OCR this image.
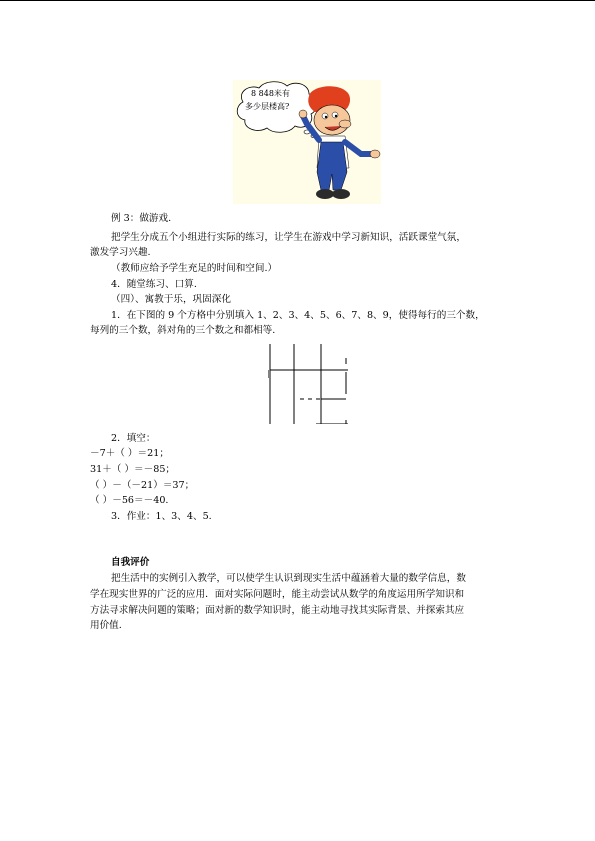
8 848米有
多少层楼高?
例 3：做游戏.
把学生分成五个小组进行实际的练习，让学生在游戏中学习新知识，活跃课堂气氛，
激发学习兴趣.
（教师应给予学生充足的时间和空间.）
4．随堂练习、口算.
（四）、寓教于乐，巩固深化
1．在下图的 9 个方格中分别填入 1、2、3、4、5、6、7、8、9，使得每行的三个数，
每列的三个数，斜对角的三个数之和都相等.
2．填空：
－7＋（ ）＝21；
31＋（ ）＝－85；
（ ）－（－21）＝37；
（ ）－56＝－40.
3．作业：1、3、4、5.
自我评价
把生活中的实例引入教学，可以使学生认识到现实生活中蕴涵着大量的数学信息，数
学在现实世界的广泛的应用．面对实际问题时，能主动尝试从数学的角度运用所学知识和
方法寻求解决问题的策略；面对新的数学知识时，能主动地寻找其实际背景、并探索其应
用价值.
